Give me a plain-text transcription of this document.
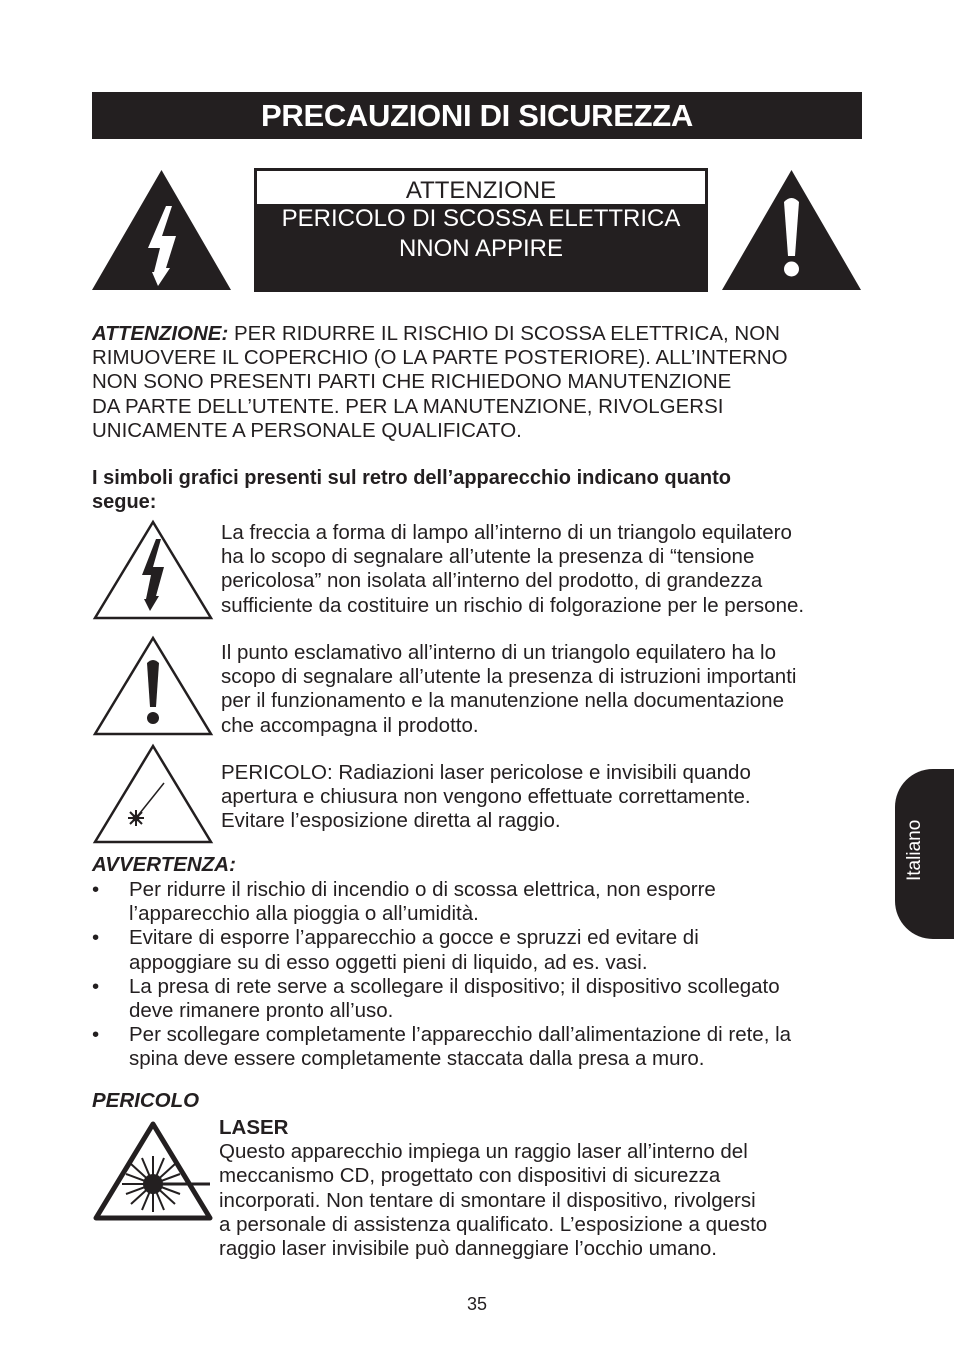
PRECAUZIONI DI SICUREZZA
ATTENZIONE
PERICOLO DI SCOSSA ELETTRICA
NNON APPIRE
ATTENZIONE: PER RIDURRE IL RISCHIO DI SCOSSA ELETTRICA, NON
RIMUOVERE IL COPERCHIO (O LA PARTE POSTERIORE). ALL’INTERNO
NON SONO PRESENTI PARTI CHE RICHIEDONO MANUTENZIONE
DA PARTE DELL’UTENTE. PER LA MANUTENZIONE, RIVOLGERSI
UNICAMENTE A PERSONALE QUALIFICATO.
I simboli grafici presenti sul retro dell’apparecchio indicano quanto
segue:
La freccia a forma di lampo all’interno di un triangolo equilatero
ha lo scopo di segnalare all’utente la presenza di “tensione
pericolosa” non isolata all’interno del prodotto, di grandezza
sufficiente da costituire un rischio di folgorazione per le persone.
Il punto esclamativo all’interno di un triangolo equilatero ha lo
scopo di segnalare all’utente la presenza di istruzioni importanti
per il funzionamento e la manutenzione nella documentazione
che accompagna il prodotto.
PERICOLO: Radiazioni laser pericolose e invisibili quando
apertura e chiusura non vengono effettuate correttamente.
Evitare l’esposizione diretta al raggio.
AVVERTENZA:
• Per ridurre il rischio di incendio o di scossa elettrica, non esporre
l’apparecchio alla pioggia o all’umidità.
• Evitare di esporre l’apparecchio a gocce e spruzzi ed evitare di
appoggiare su di esso oggetti pieni di liquido, ad es. vasi.
• La presa di rete serve a scollegare il dispositivo; il dispositivo scollegato
deve rimanere pronto all’uso.
• Per scollegare completamente l’apparecchio dall’alimentazione di rete, la
spina deve essere completamente staccata dalla presa a muro.
PERICOLO
LASER
Questo apparecchio impiega un raggio laser all’interno del
meccanismo CD, progettato con dispositivi di sicurezza
incorporati. Non tentare di smontare il dispositivo, rivolgersi
a personale di assistenza qualificato. L’esposizione a questo
raggio laser invisibile può danneggiare l’occhio umano.
Italiano
35
